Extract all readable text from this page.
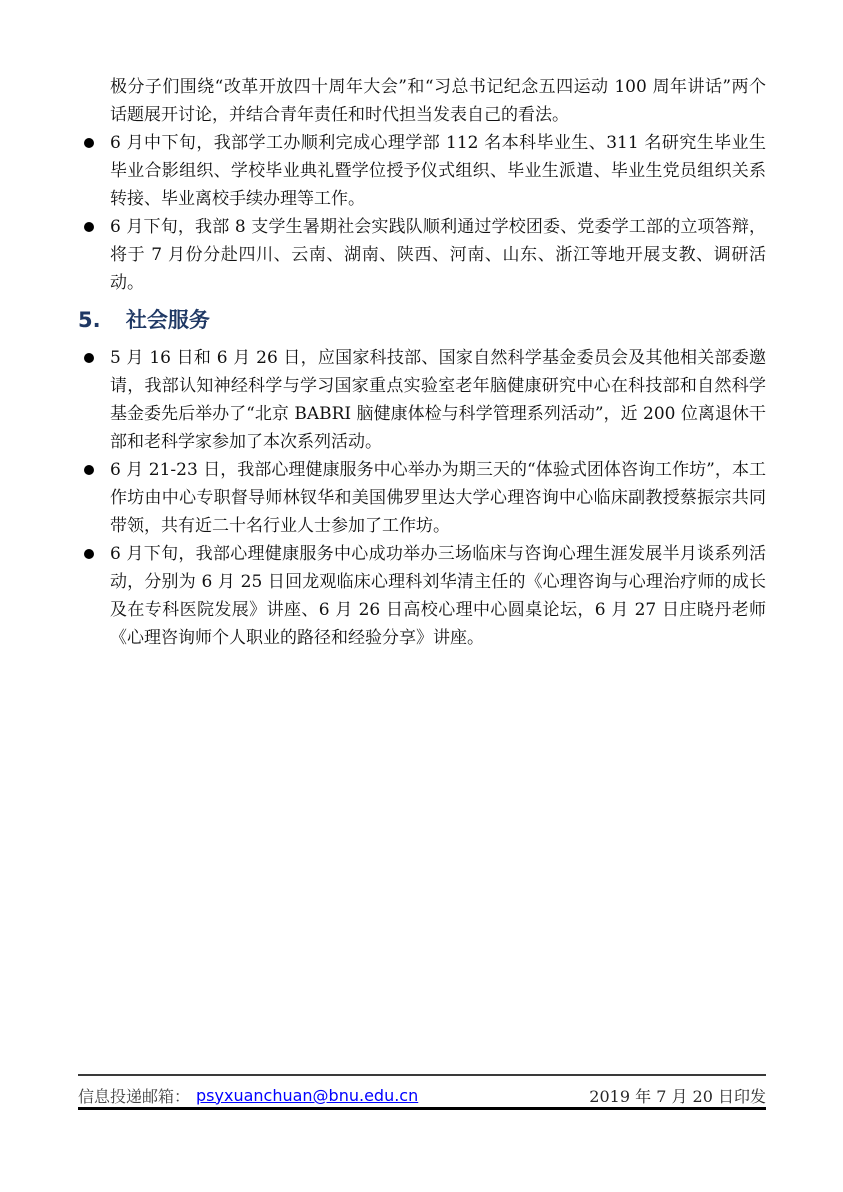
极分子们围绕“改革开放四十周年大会”和“习总书记纪念五四运动 100 周年讲话”两个话题展开讨论，并结合青年责任和时代担当发表自己的看法。

6 月中下旬，我部学工办顺利完成心理学部 112 名本科毕业生、311 名研究生毕业生毕业合影组织、学校毕业典礼暨学位授予仪式组织、毕业生派遣、毕业生党员组织关系转接、毕业离校手续办理等工作。

6 月下旬，我部 8 支学生暑期社会实践队顺利通过学校团委、党委学工部的立项答辩，将于 7 月份分赴四川、云南、湖南、陕西、河南、山东、浙江等地开展支教、调研活动。

5. 社会服务

5 月 16 日和 6 月 26 日，应国家科技部、国家自然科学基金委员会及其他相关部委邀请，我部认知神经科学与学习国家重点实验室老年脑健康研究中心在科技部和自然科学基金委先后举办了“北京 BABRI 脑健康体检与科学管理系列活动”，近 200 位离退休干部和老科学家参加了本次系列活动。

6 月 21-23 日，我部心理健康服务中心举办为期三天的“体验式团体咨询工作坊”，本工作坊由中心专职督导师林钗华和美国佛罗里达大学心理咨询中心临床副教授蔡振宗共同带领，共有近二十名行业人士参加了工作坊。

6 月下旬，我部心理健康服务中心成功举办三场临床与咨询心理生涯发展半月谈系列活动，分别为 6 月 25 日回龙观临床心理科刘华清主任的《心理咨询与心理治疗师的成长及在专科医院发展》讲座、6 月 26 日高校心理中心圆桌论坛，6 月 27 日庄晓丹老师《心理咨询师个人职业的路径和经验分享》讲座。

信息投递邮箱： psyxuanchuan@bnu.edu.cn	2019 年 7 月 20 日印发
